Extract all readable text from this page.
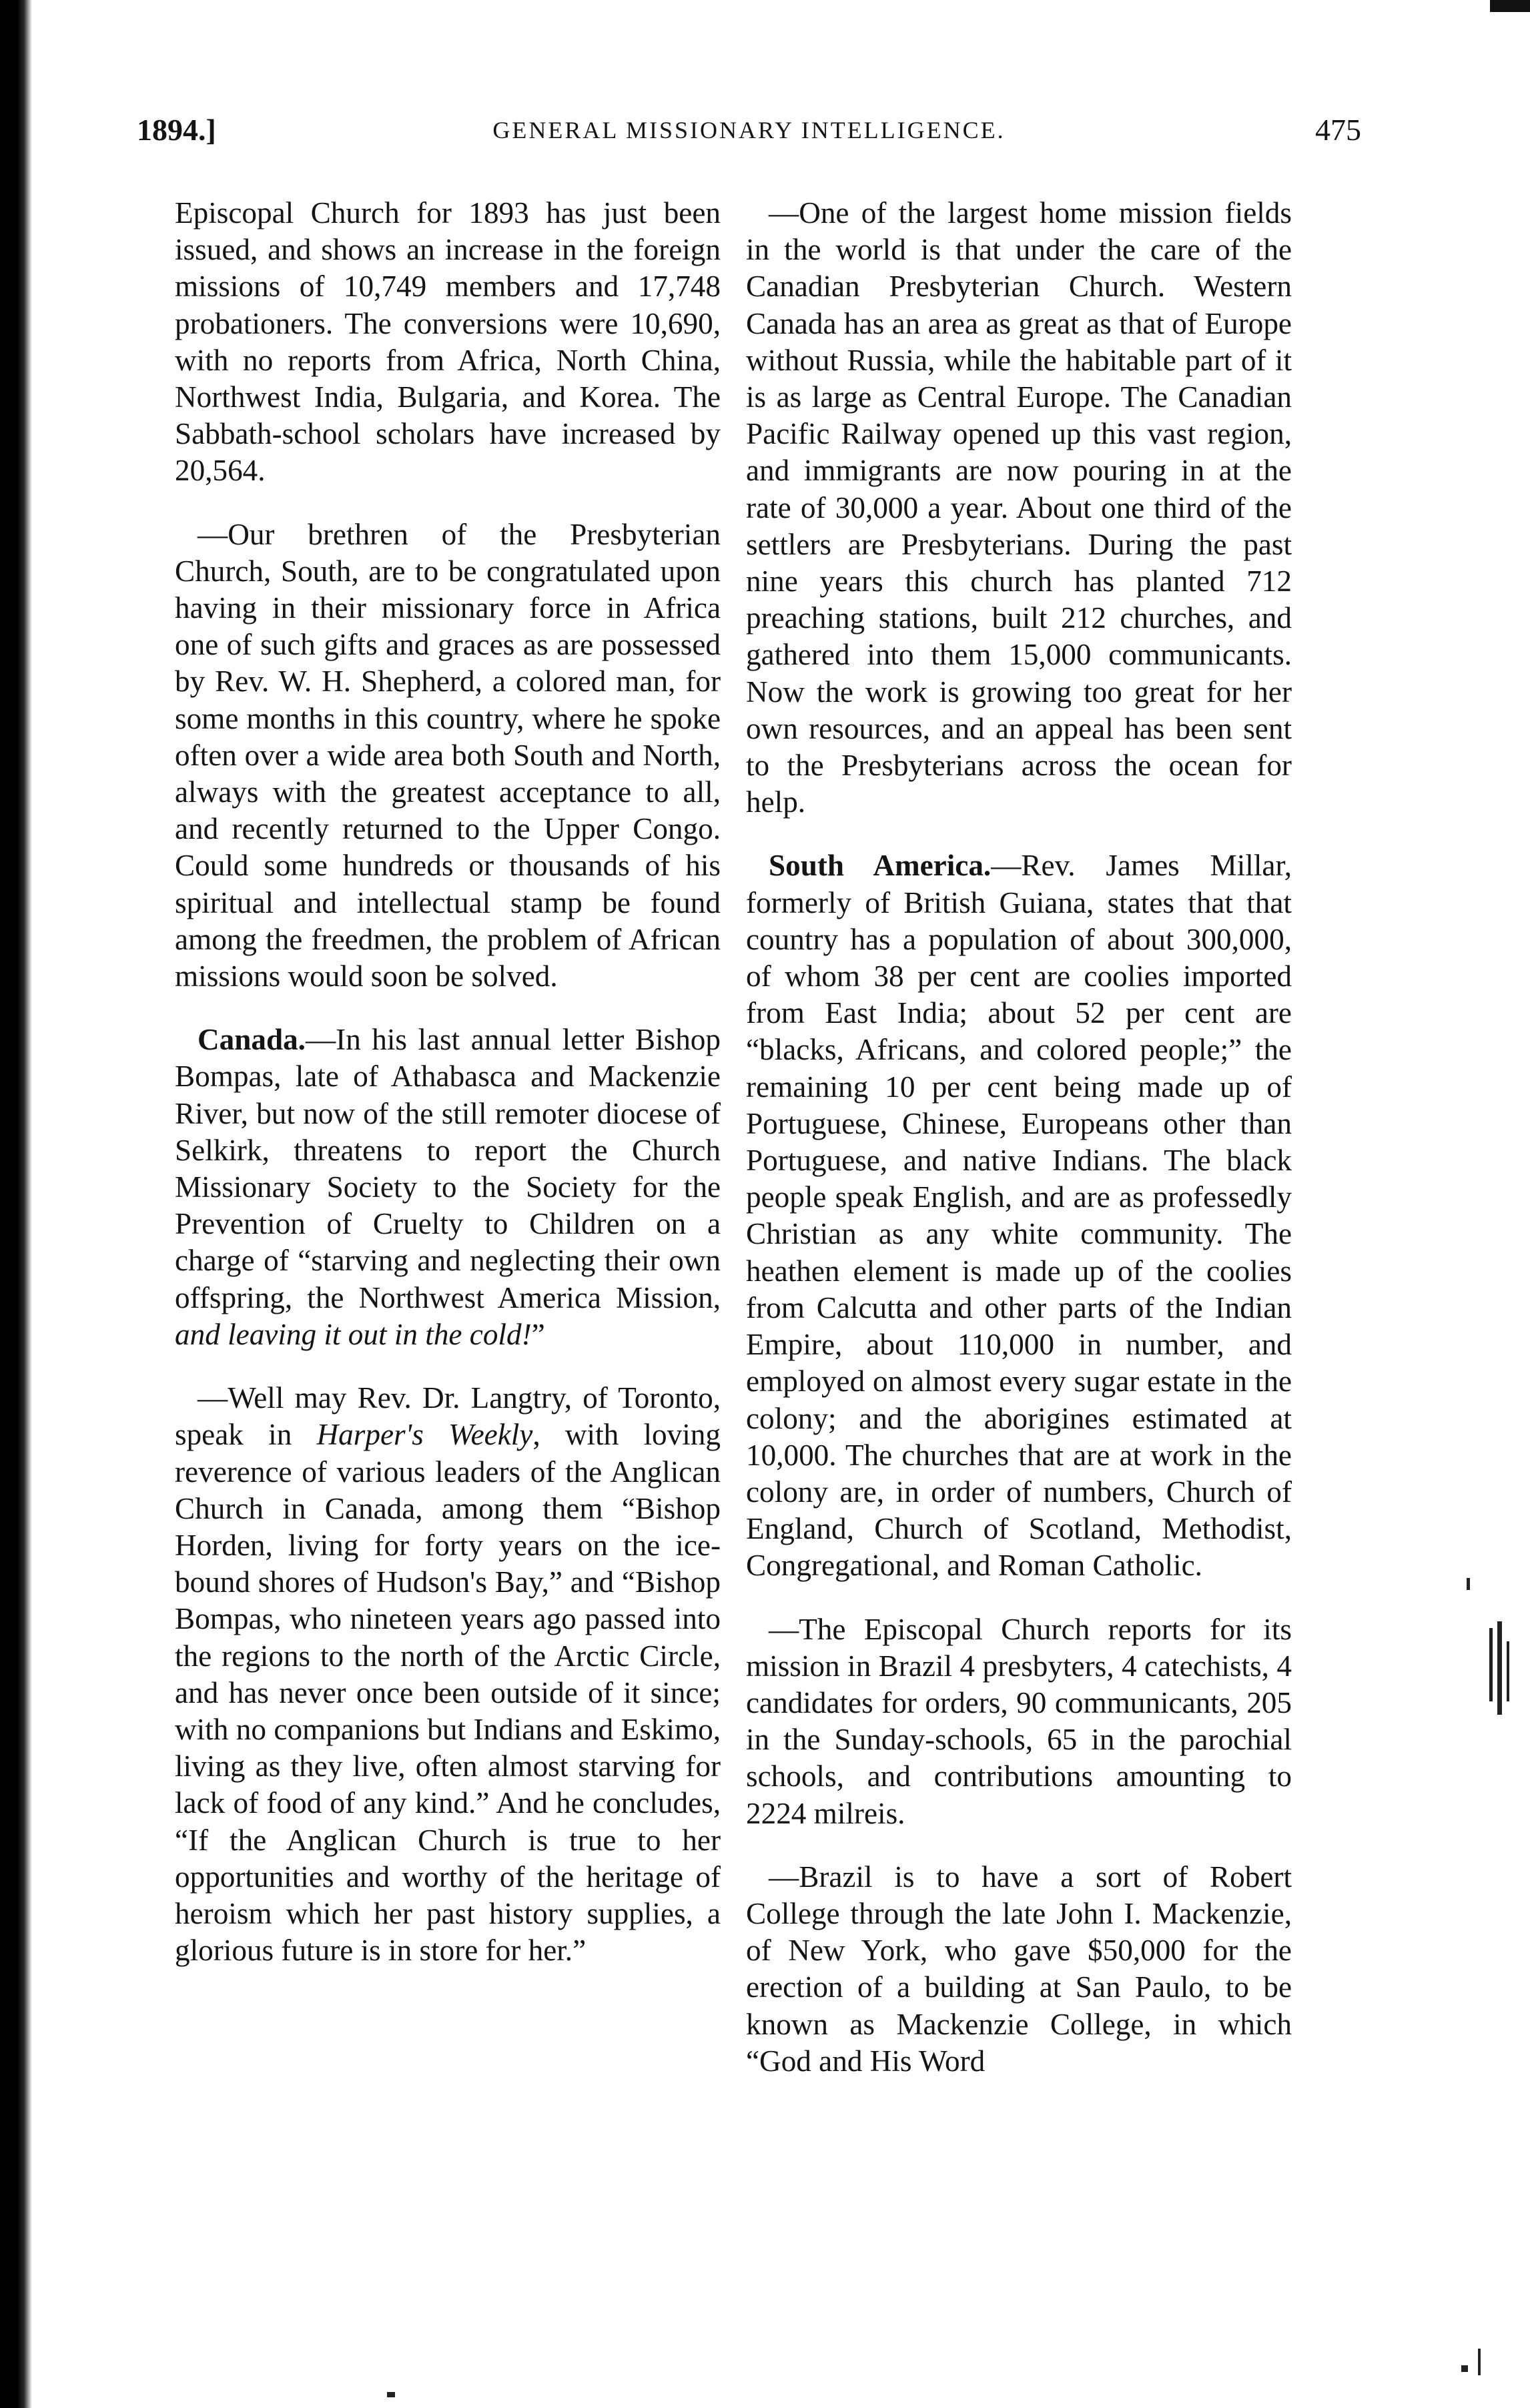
1894.]	GENERAL MISSIONARY INTELLIGENCE.	475

Episcopal Church for 1893 has just been issued, and shows an increase in the foreign missions of 10,749 members and 17,748 probationers. The conversions were 10,690, with no reports from Africa, North China, Northwest India, Bulgaria, and Korea. The Sabbath-school scholars have increased by 20,564.

—Our brethren of the Presbyterian Church, South, are to be congratulated upon having in their missionary force in Africa one of such gifts and graces as are possessed by Rev. W. H. Shepherd, a colored man, for some months in this country, where he spoke often over a wide area both South and North, always with the greatest acceptance to all, and recently returned to the Upper Congo. Could some hundreds or thousands of his spiritual and intellectual stamp be found among the freedmen, the problem of African missions would soon be solved.

Canada.—In his last annual letter Bishop Bompas, late of Athabasca and Mackenzie River, but now of the still remoter diocese of Selkirk, threatens to report the Church Missionary Society to the Society for the Prevention of Cruelty to Children on a charge of “starving and neglecting their own offspring, the Northwest America Mission, and leaving it out in the cold!”

—Well may Rev. Dr. Langtry, of Toronto, speak in Harper's Weekly, with loving reverence of various leaders of the Anglican Church in Canada, among them “Bishop Horden, living for forty years on the ice-bound shores of Hudson's Bay,” and “Bishop Bompas, who nineteen years ago passed into the regions to the north of the Arctic Circle, and has never once been outside of it since; with no companions but Indians and Eskimo, living as they live, often almost starving for lack of food of any kind.” And he concludes, “If the Anglican Church is true to her opportunities and worthy of the heritage of heroism which her past history supplies, a glorious future is in store for her.”

—One of the largest home mission fields in the world is that under the care of the Canadian Presbyterian Church. Western Canada has an area as great as that of Europe without Russia, while the habitable part of it is as large as Central Europe. The Canadian Pacific Railway opened up this vast region, and immigrants are now pouring in at the rate of 30,000 a year. About one third of the settlers are Presbyterians. During the past nine years this church has planted 712 preaching stations, built 212 churches, and gathered into them 15,000 communicants. Now the work is growing too great for her own resources, and an appeal has been sent to the Presbyterians across the ocean for help.

South America.—Rev. James Millar, formerly of British Guiana, states that that country has a population of about 300,000, of whom 38 per cent are coolies imported from East India; about 52 per cent are “blacks, Africans, and colored people;” the remaining 10 per cent being made up of Portuguese, Chinese, Europeans other than Portuguese, and native Indians. The black people speak English, and are as professedly Christian as any white community. The heathen element is made up of the coolies from Calcutta and other parts of the Indian Empire, about 110,000 in number, and employed on almost every sugar estate in the colony; and the aborigines estimated at 10,000. The churches that are at work in the colony are, in order of numbers, Church of England, Church of Scotland, Methodist, Congregational, and Roman Catholic.

—The Episcopal Church reports for its mission in Brazil 4 presbyters, 4 catechists, 4 candidates for orders, 90 communicants, 205 in the Sunday-schools, 65 in the parochial schools, and contributions amounting to 2224 milreis.

—Brazil is to have a sort of Robert College through the late John I. Mackenzie, of New York, who gave $50,000 for the erection of a building at San Paulo, to be known as Mackenzie College, in which “God and His Word
